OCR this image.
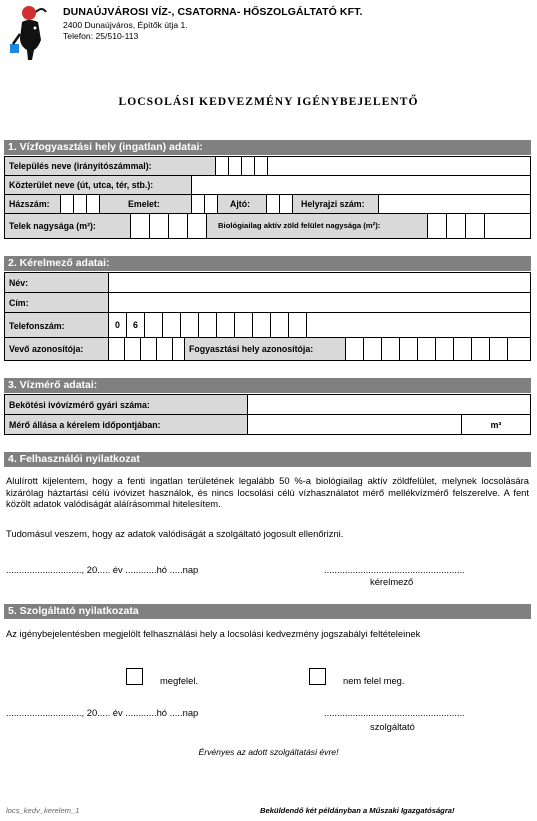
DUNAÚJVÁROSI VÍZ-, CSATORNA- HŐSZOLGÁLTATÓ KFT.
2400 Dunaújváros, Építők útja 1.
Telefon: 25/510-113
LOCSOLÁSI KEDVEZMÉNY IGÉNYBEJELENTŐ
1. Vízfogyasztási hely (ingatlan) adatai:
Település neve (irányítószámmal):
Közterület neve (út, utca, tér, stb.):
Házszám:	Emelet:	Ajtó:	Helyrajzi szám:
Telek nagysága (m²):	Biológiailag aktív zöld felület nagysága (m²):
2. Kérelmező adatai:
Név:
Cím:
Telefonszám:	0	6
Vevő azonosítója:	Fogyasztási hely azonosítója:
3. Vízmérő adatai:
Bekötési ivóvízmérő gyári száma:
Mérő állása a kérelem időpontjában:	m³
4. Felhasználói nyilatkozat
Alulírott kijelentem, hogy a fenti ingatlan területének legalább 50 %-a biológiailag aktív zöldfelület, melynek locsolására kizárólag háztartási célú ivóvizet használok, és nincs locsolási célú vízhasználatot mérő mellékvízmérő felszerelve. A fent közölt adatok valódiságát aláírásommal hitelesítem.
Tudomásul veszem, hogy az adatok valódiságát a szolgáltató jogosult ellenőrizni.
............................., 20..... év ............hó .....nap	......................................................
kérelmező
5. Szolgáltató nyilatkozata
Az igénybejelentésben megjelölt felhasználási hely a locsolási kedvezmény jogszabályi feltételeinek
megfelel.	nem felel meg.
............................., 20..... év ............hó .....nap	......................................................
szolgáltató
Érvényes az adott szolgáltatási évre!
locs_kedv_kerelem_1	Beküldendő két példányban a Műszaki Igazgatóságra!
